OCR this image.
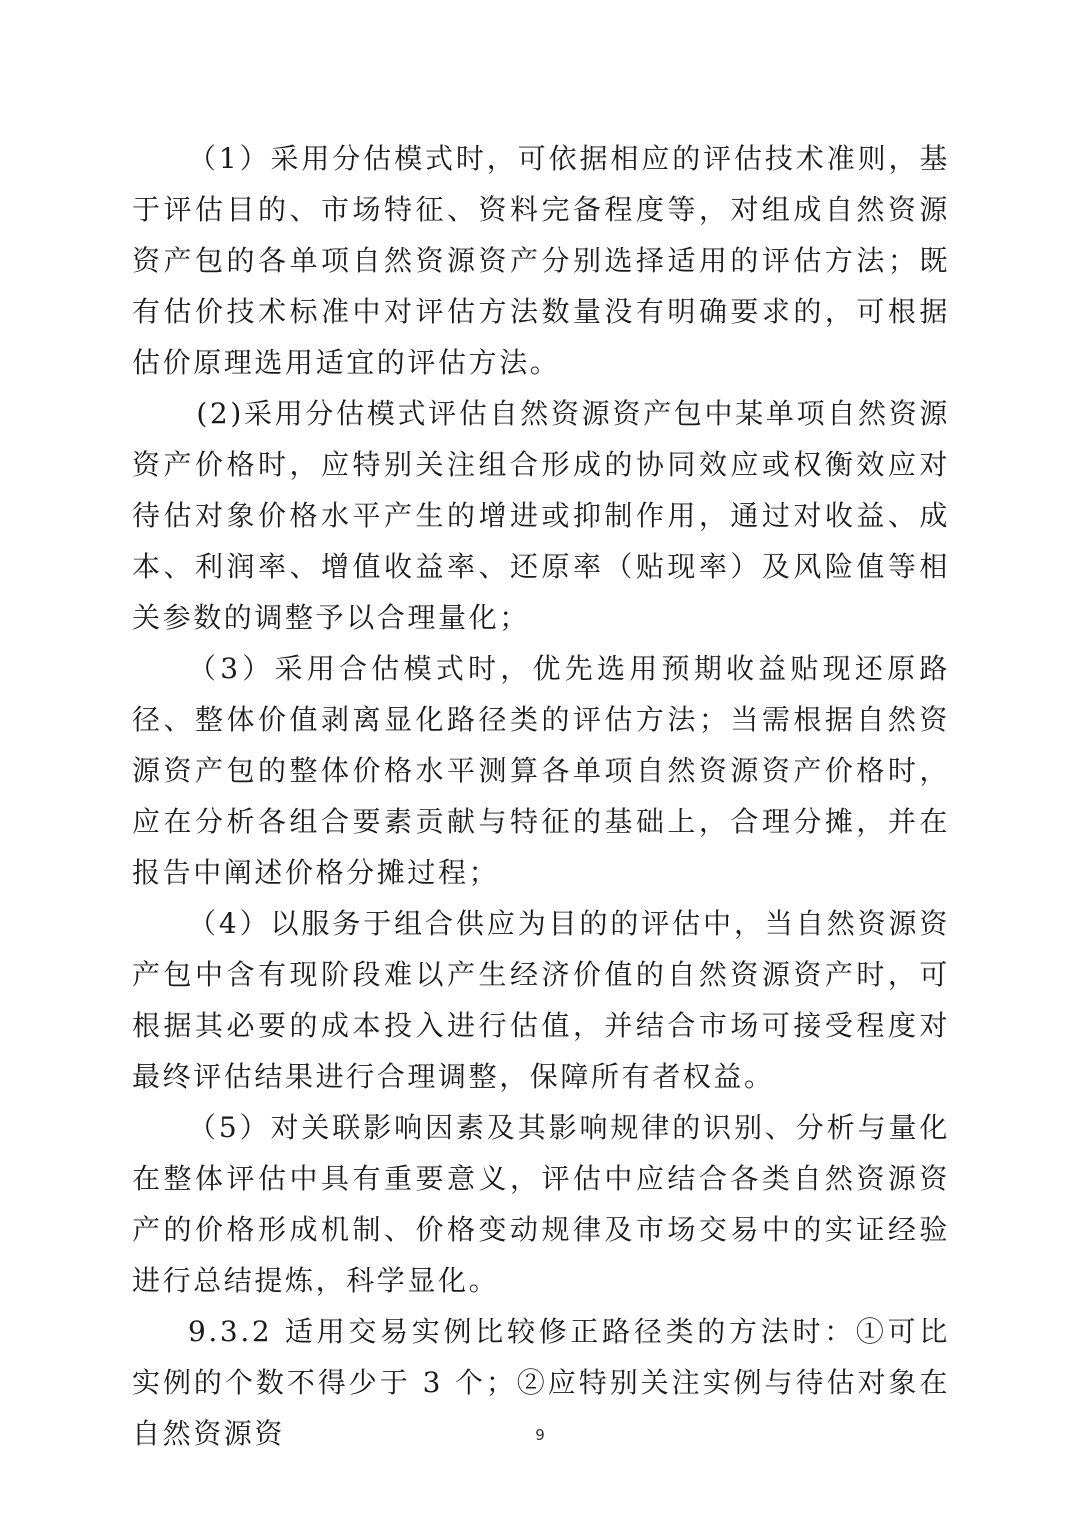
（1）采用分估模式时，可依据相应的评估技术准则，基于评估目的、市场特征、资料完备程度等，对组成自然资源资产包的各单项自然资源资产分别选择适用的评估方法；既有估价技术标准中对评估方法数量没有明确要求的，可根据估价原理选用适宜的评估方法。

(2)采用分估模式评估自然资源资产包中某单项自然资源资产价格时，应特别关注组合形成的协同效应或权衡效应对待估对象价格水平产生的增进或抑制作用，通过对收益、成本、利润率、增值收益率、还原率（贴现率）及风险值等相关参数的调整予以合理量化；

（3）采用合估模式时，优先选用预期收益贴现还原路径、整体价值剥离显化路径类的评估方法；当需根据自然资源资产包的整体价格水平测算各单项自然资源资产价格时，应在分析各组合要素贡献与特征的基础上，合理分摊，并在报告中阐述价格分摊过程；

（4）以服务于组合供应为目的的评估中，当自然资源资产包中含有现阶段难以产生经济价值的自然资源资产时，可根据其必要的成本投入进行估值，并结合市场可接受程度对最终评估结果进行合理调整，保障所有者权益。

（5）对关联影响因素及其影响规律的识别、分析与量化在整体评估中具有重要意义，评估中应结合各类自然资源资产的价格形成机制、价格变动规律及市场交易中的实证经验进行总结提炼，科学显化。

9.3.2 适用交易实例比较修正路径类的方法时：①可比实例的个数不得少于 3 个；②应特别关注实例与待估对象在自然资源资	9
